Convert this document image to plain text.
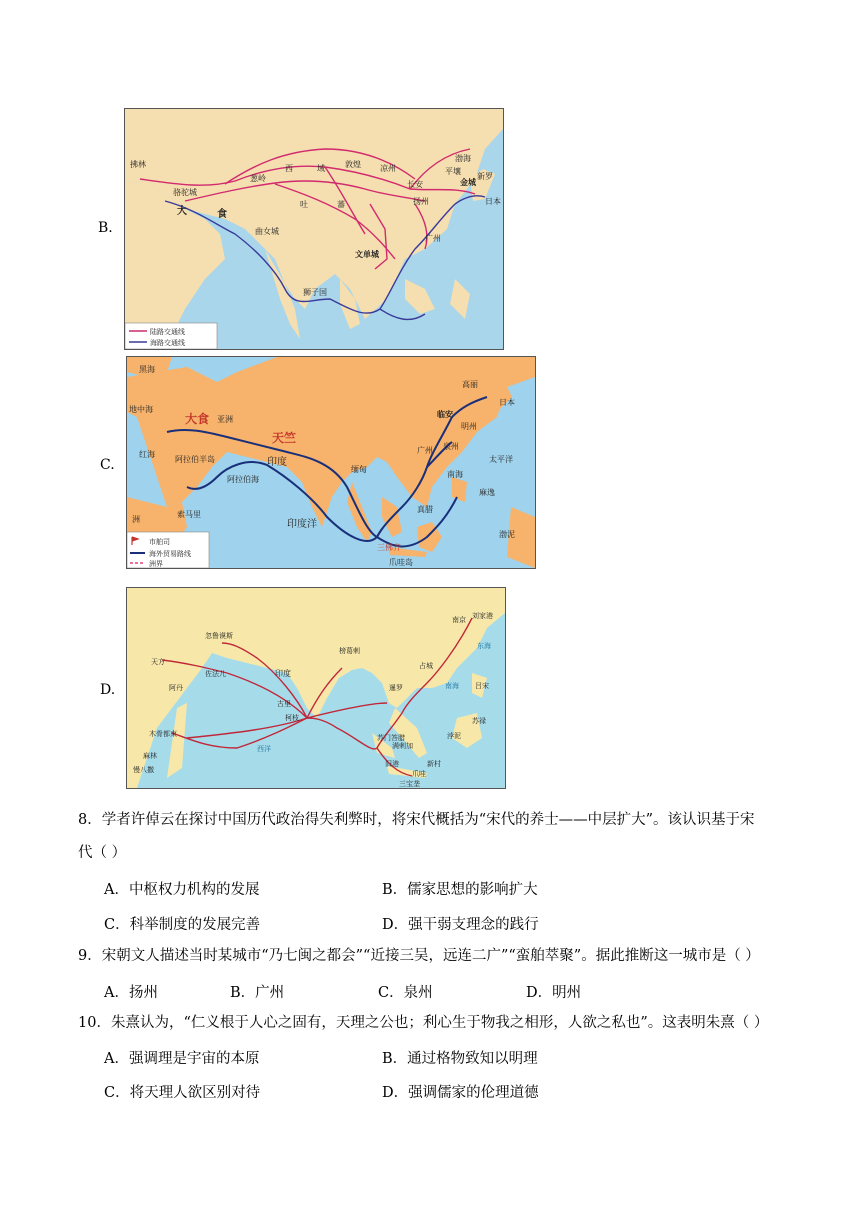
B.
西	域	敦煌 凉州
葱岭
骆驼城
大	食
吐	蕃
曲女城
文单城
狮子国
长安
扬州
渤海
新罗
日本
金城
拂林
广州
平壤
陆路交通线
海路交通线
C.
黑海
地中海
红海
大食
天竺
阿拉伯半岛	印度
阿拉伯海
印度洋
临安
明州
广州 泉州
太平洋
南海
三佛齐
爪哇岛
麻逸
真腊
渤泥
索马里
缅甸
亚洲
洲
高丽
日本
市舶司
海外贸易路线
洲界
D.
忽鲁谟斯
天方
佐法儿
阿丹
木骨都束
麻林
慢八撒
印度
榜葛剌
古里
柯枝
西洋
南京 刘家港
占城
暹罗
苏门答腊
旧港
满剌加
爪哇
三宝垄
新村
吕宋
苏禄
浡泥
东海
南海
8．学者许倬云在探讨中国历代政治得失利弊时，将宋代概括为“宋代的养士——中层扩大”。该认识基于宋
代（ ）
A．中枢权力机构的发展	B．儒家思想的影响扩大
C．科举制度的发展完善	D．强干弱支理念的践行
9．宋朝文人描述当时某城市“乃七闽之都会”“近接三吴，远连二广”“蛮舶萃聚”。据此推断这一城市是（ ）
A．扬州	B．广州	C．泉州	D．明州
10．朱熹认为，“仁义根于人心之固有，天理之公也；利心生于物我之相形，人欲之私也”。这表明朱熹（ ）
A．强调理是宇宙的本原	B．通过格物致知以明理
C．将天理人欲区别对待	D．强调儒家的伦理道德
